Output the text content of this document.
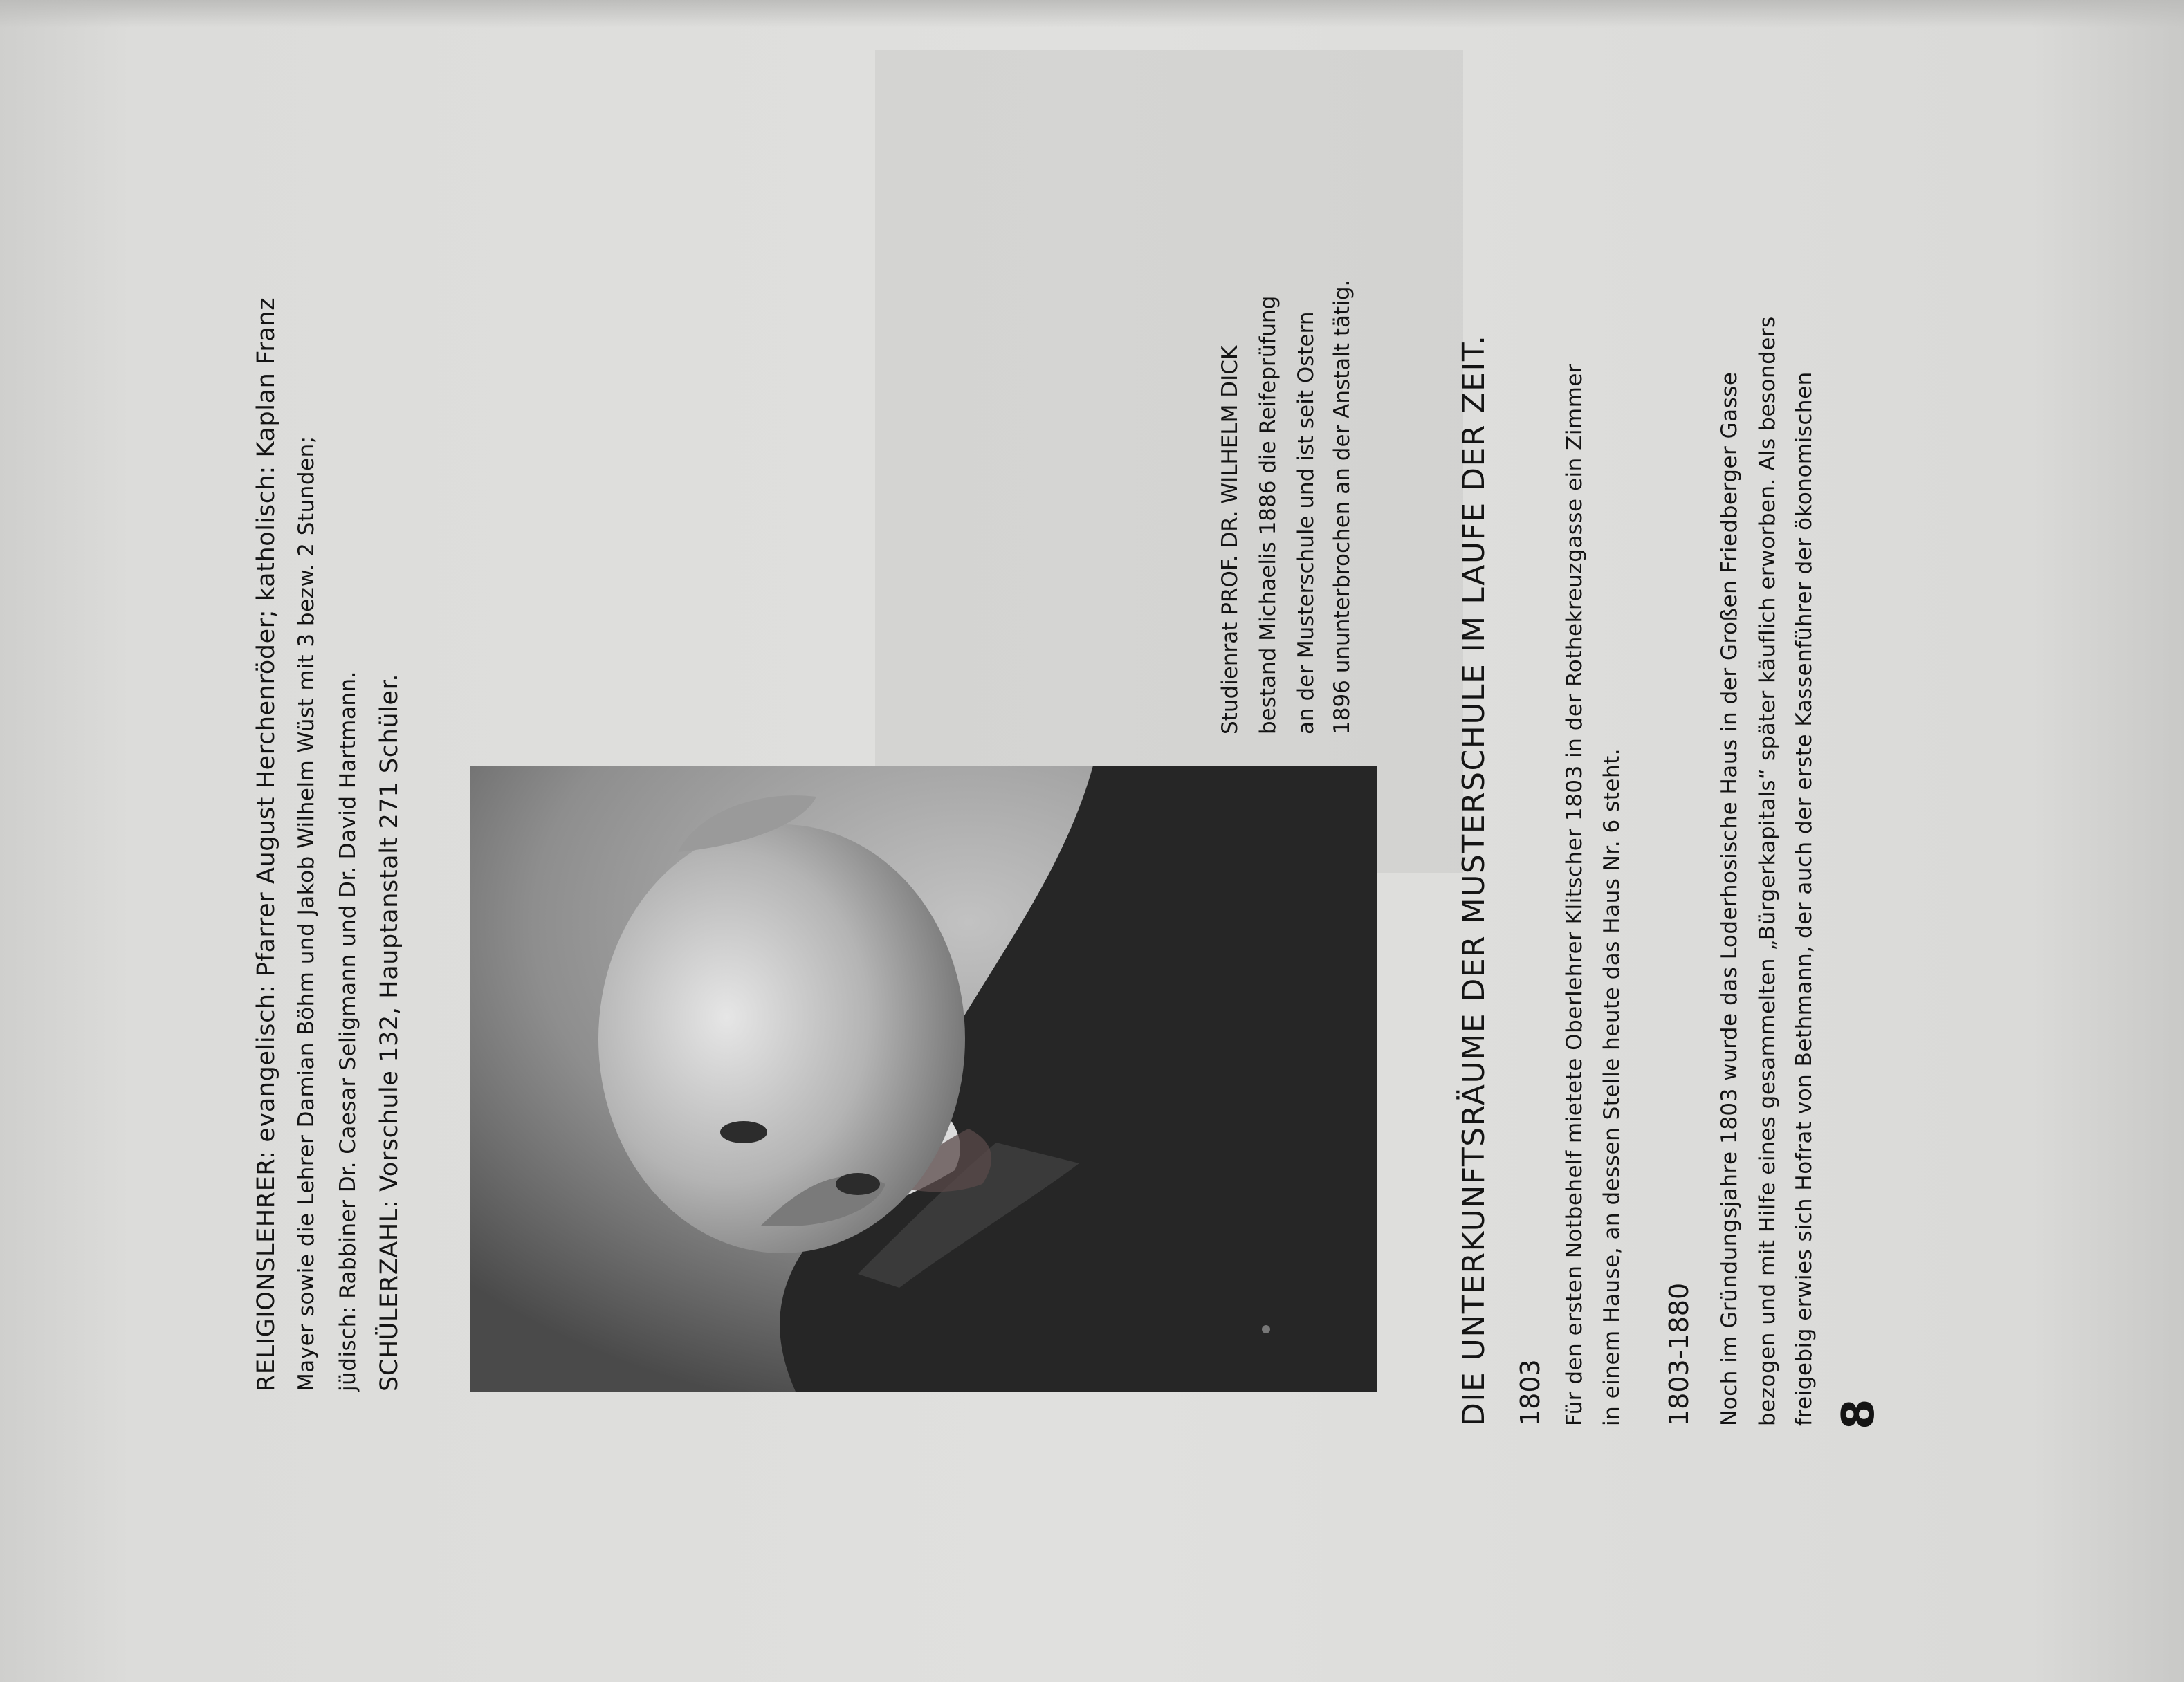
RELIGIONSLEHRER: evangelisch: Pfarrer August Herchenröder; katholisch: Kaplan Franz Mayer sowie die Lehrer Damian Böhm und Jakob Wilhelm Wüst mit 3 bezw. 2 Stunden; jüdisch: Rabbiner Dr. Caesar Seligmann und Dr. David Hartmann. SCHÜLERZAHL: Vorschule 132, Hauptanstalt 271 Schüler.
Studienrat PROF. DR. WILHELM DICK bestand Michaelis 1886 die Reifeprüfung an der Musterschule und ist seit Ostern 1896 ununterbrochen an der Anstalt tätig.	DIE UNTERKUNFTSRÄUME DER MUSTERSCHULE IM LAUFE DER ZEIT. 1803 Für den ersten Notbehelf mietete Oberlehrer Klitscher 1803 in der Rothekreuzgasse ein Zimmer in einem Hause, an dessen Stelle heute das Haus Nr. 6 steht. 1803-1880 Noch im Gründungsjahre 1803 wurde das Loderhosische Haus in der Großen Friedberger Gasse bezogen und mit Hilfe eines gesammelten „Bürgerkapitals“ später käuflich erworben. Als besonders freigebig erwies sich Hofrat von Bethmann, der auch der erste Kassenführer der ökonomischen 8
